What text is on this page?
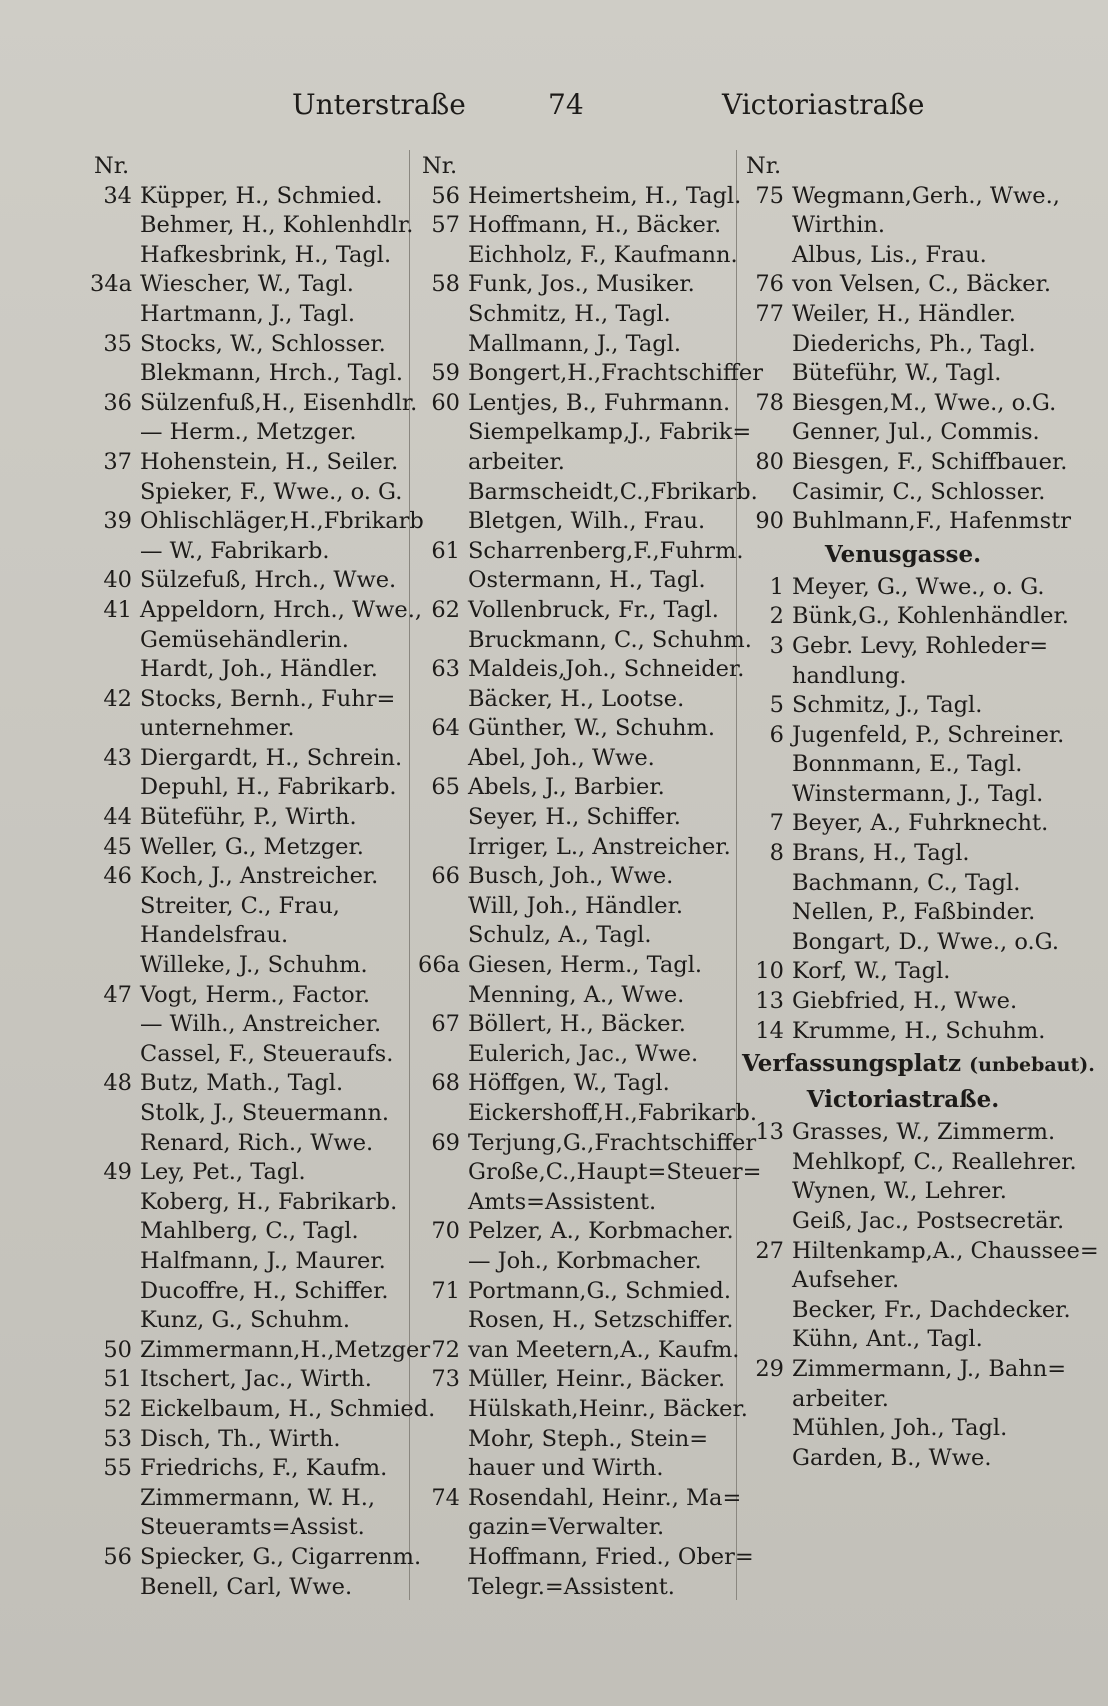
Unterstraße	74	Victoriastraße
Nr.
34 Küpper, H., Schmied.
Behmer, H., Kohlenhdlr.
Hafkesbrink, H., Tagl.
34a Wiescher, W., Tagl.
Hartmann, J., Tagl.
35 Stocks, W., Schlosser.
Blekmann, Hrch., Tagl.
36 Sülzenfuß,H., Eisenhdlr.
— Herm., Metzger.
37 Hohenstein, H., Seiler.
Spieker, F., Wwe., o. G.
39 Ohlischläger,H.,Fbrikarb
— W., Fabrikarb.
40 Sülzefuß, Hrch., Wwe.
41 Appeldorn, Hrch., Wwe.,
Gemüsehändlerin.
Hardt, Joh., Händler.
42 Stocks, Bernh., Fuhr=
unternehmer.
43 Diergardt, H., Schrein.
Depuhl, H., Fabrikarb.
44 Büteführ, P., Wirth.
45 Weller, G., Metzger.
46 Koch, J., Anstreicher.
Streiter, C., Frau,
Handelsfrau.
Willeke, J., Schuhm.
47 Vogt, Herm., Factor.
— Wilh., Anstreicher.
Cassel, F., Steueraufs.
48 Butz, Math., Tagl.
Stolk, J., Steuermann.
Renard, Rich., Wwe.
49 Ley, Pet., Tagl.
Koberg, H., Fabrikarb.
Mahlberg, C., Tagl.
Halfmann, J., Maurer.
Ducoffre, H., Schiffer.
Kunz, G., Schuhm.
50 Zimmermann,H.,Metzger
51 Itschert, Jac., Wirth.
52 Eickelbaum, H., Schmied.
53 Disch, Th., Wirth.
55 Friedrichs, F., Kaufm.
Zimmermann, W. H.,
Steueramts=Assist.
56 Spiecker, G., Cigarrenm.
Benell, Carl, Wwe.
Nr.
56 Heimertsheim, H., Tagl.
57 Hoffmann, H., Bäcker.
Eichholz, F., Kaufmann.
58 Funk, Jos., Musiker.
Schmitz, H., Tagl.
Mallmann, J., Tagl.
59 Bongert,H.,Frachtschiffer
60 Lentjes, B., Fuhrmann.
Siempelkamp,J., Fabrik=
arbeiter.
Barmscheidt,C.,Fbrikarb.
Bletgen, Wilh., Frau.
61 Scharrenberg,F.,Fuhrm.
Ostermann, H., Tagl.
62 Vollenbruck, Fr., Tagl.
Bruckmann, C., Schuhm.
63 Maldeis,Joh., Schneider.
Bäcker, H., Lootse.
64 Günther, W., Schuhm.
Abel, Joh., Wwe.
65 Abels, J., Barbier.
Seyer, H., Schiffer.
Irriger, L., Anstreicher.
66 Busch, Joh., Wwe.
Will, Joh., Händler.
Schulz, A., Tagl.
66a Giesen, Herm., Tagl.
Menning, A., Wwe.
67 Böllert, H., Bäcker.
Eulerich, Jac., Wwe.
68 Höffgen, W., Tagl.
Eickershoff,H.,Fabrikarb.
69 Terjung,G.,Frachtschiffer
Große,C.,Haupt=Steuer=
Amts=Assistent.
70 Pelzer, A., Korbmacher.
— Joh., Korbmacher.
71 Portmann,G., Schmied.
Rosen, H., Setzschiffer.
72 van Meetern,A., Kaufm.
73 Müller, Heinr., Bäcker.
Hülskath,Heinr., Bäcker.
Mohr, Steph., Stein=
hauer und Wirth.
74 Rosendahl, Heinr., Ma=
gazin=Verwalter.
Hoffmann, Fried., Ober=
Telegr.=Assistent.
Nr.
75 Wegmann,Gerh., Wwe.,
Wirthin.
Albus, Lis., Frau.
76 von Velsen, C., Bäcker.
77 Weiler, H., Händler.
Diederichs, Ph., Tagl.
Büteführ, W., Tagl.
78 Biesgen,M., Wwe., o.G.
Genner, Jul., Commis.
80 Biesgen, F., Schiffbauer.
Casimir, C., Schlosser.
90 Buhlmann,F., Hafenmstr
Venusgasse.
1 Meyer, G., Wwe., o. G.
2 Bünk,G., Kohlenhändler.
3 Gebr. Levy, Rohleder=
handlung.
5 Schmitz, J., Tagl.
6 Jugenfeld, P., Schreiner.
Bonnmann, E., Tagl.
Winstermann, J., Tagl.
7 Beyer, A., Fuhrknecht.
8 Brans, H., Tagl.
Bachmann, C., Tagl.
Nellen, P., Faßbinder.
Bongart, D., Wwe., o.G.
10 Korf, W., Tagl.
13 Giebfried, H., Wwe.
14 Krumme, H., Schuhm.
Verfassungsplatz (unbebaut).
Victoriastraße.
13 Grasses, W., Zimmerm.
Mehlkopf, C., Reallehrer.
Wynen, W., Lehrer.
Geiß, Jac., Postsecretär.
27 Hiltenkamp,A., Chaussee=
Aufseher.
Becker, Fr., Dachdecker.
Kühn, Ant., Tagl.
29 Zimmermann, J., Bahn=
arbeiter.
Mühlen, Joh., Tagl.
Garden, B., Wwe.
